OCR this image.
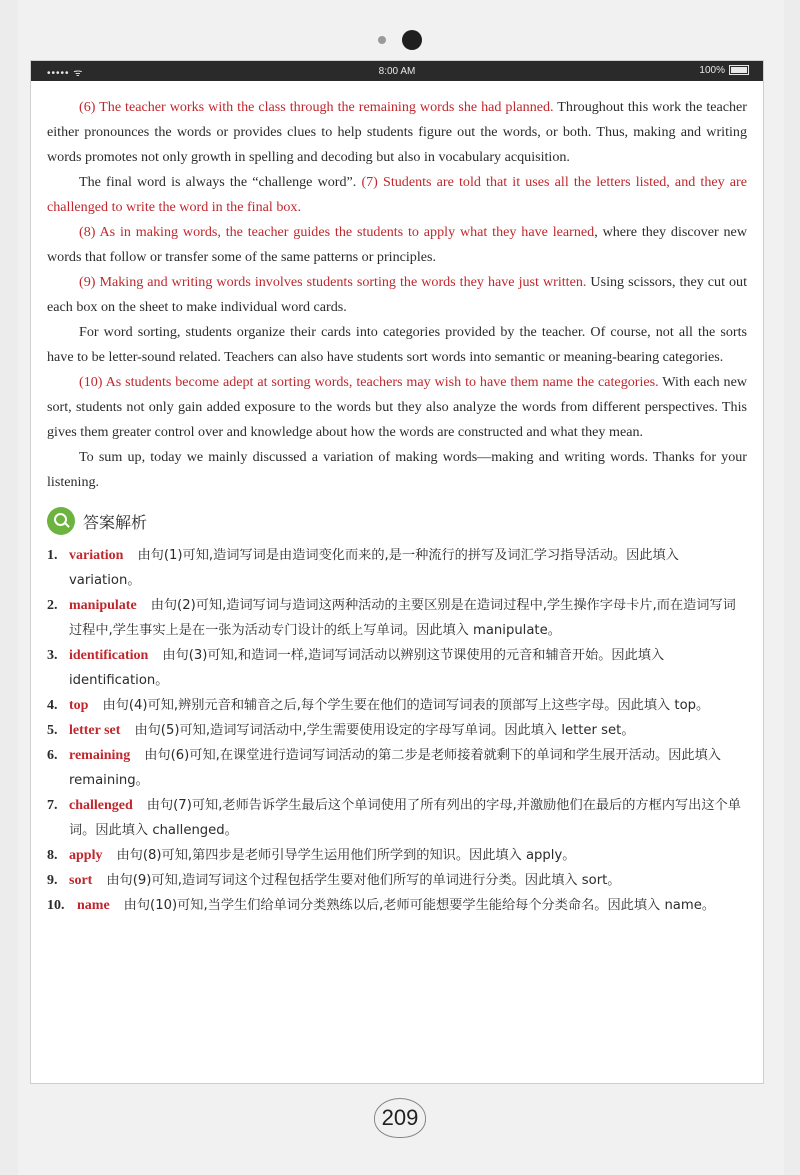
••••• ᯤ	8:00 AM	100%

(6) The teacher works with the class through the remaining words she had planned. Throughout this work the teacher either pronounces the words or provides clues to help students figure out the words, or both. Thus, making and writing words promotes not only growth in spelling and decoding but also in vocabulary acquisition.

The final word is always the “challenge word”. (7) Students are told that it uses all the letters listed, and they are challenged to write the word in the final box.

(8) As in making words, the teacher guides the students to apply what they have learned, where they discover new words that follow or transfer some of the same patterns or principles.

(9) Making and writing words involves students sorting the words they have just written. Using scissors, they cut out each box on the sheet to make individual word cards.

For word sorting, students organize their cards into categories provided by the teacher. Of course, not all the sorts have to be letter-sound related. Teachers can also have students sort words into semantic or meaning-bearing categories.

(10) As students become adept at sorting words, teachers may wish to have them name the categories. With each new sort, students not only gain added exposure to the words but they also analyze the words from different perspectives. This gives them greater control over and knowledge about how the words are constructed and what they mean.

To sum up, today we mainly discussed a variation of making words—making and writing words. Thanks for your listening.

答案解析
1. variation 由句(1)可知,造词写词是由造词变化而来的,是一种流行的拼写及词汇学习指导活动。因此填入 variation。
2. manipulate 由句(2)可知,造词写词与造词这两种活动的主要区别是在造词过程中,学生操作字母卡片,而在造词写词过程中,学生事实上是在一张为活动专门设计的纸上写单词。因此填入 manipulate。
3. identification 由句(3)可知,和造词一样,造词写词活动以辨别这节课使用的元音和辅音开始。因此填入 identification。
4. top 由句(4)可知,辨别元音和辅音之后,每个学生要在他们的造词写词表的顶部写上这些字母。因此填入 top。
5. letter set 由句(5)可知,造词写词活动中,学生需要使用设定的字母写单词。因此填入 letter set。
6. remaining 由句(6)可知,在课堂进行造词写词活动的第二步是老师接着就剩下的单词和学生展开活动。因此填入 remaining。
7. challenged 由句(7)可知,老师告诉学生最后这个单词使用了所有列出的字母,并激励他们在最后的方框内写出这个单词。因此填入 challenged。
8. apply 由句(8)可知,第四步是老师引导学生运用他们所学到的知识。因此填入 apply。
9. sort 由句(9)可知,造词写词这个过程包括学生要对他们所写的单词进行分类。因此填入 sort。
10. name 由句(10)可知,当学生们给单词分类熟练以后,老师可能想要学生能给每个分类命名。因此填入 name。
209
